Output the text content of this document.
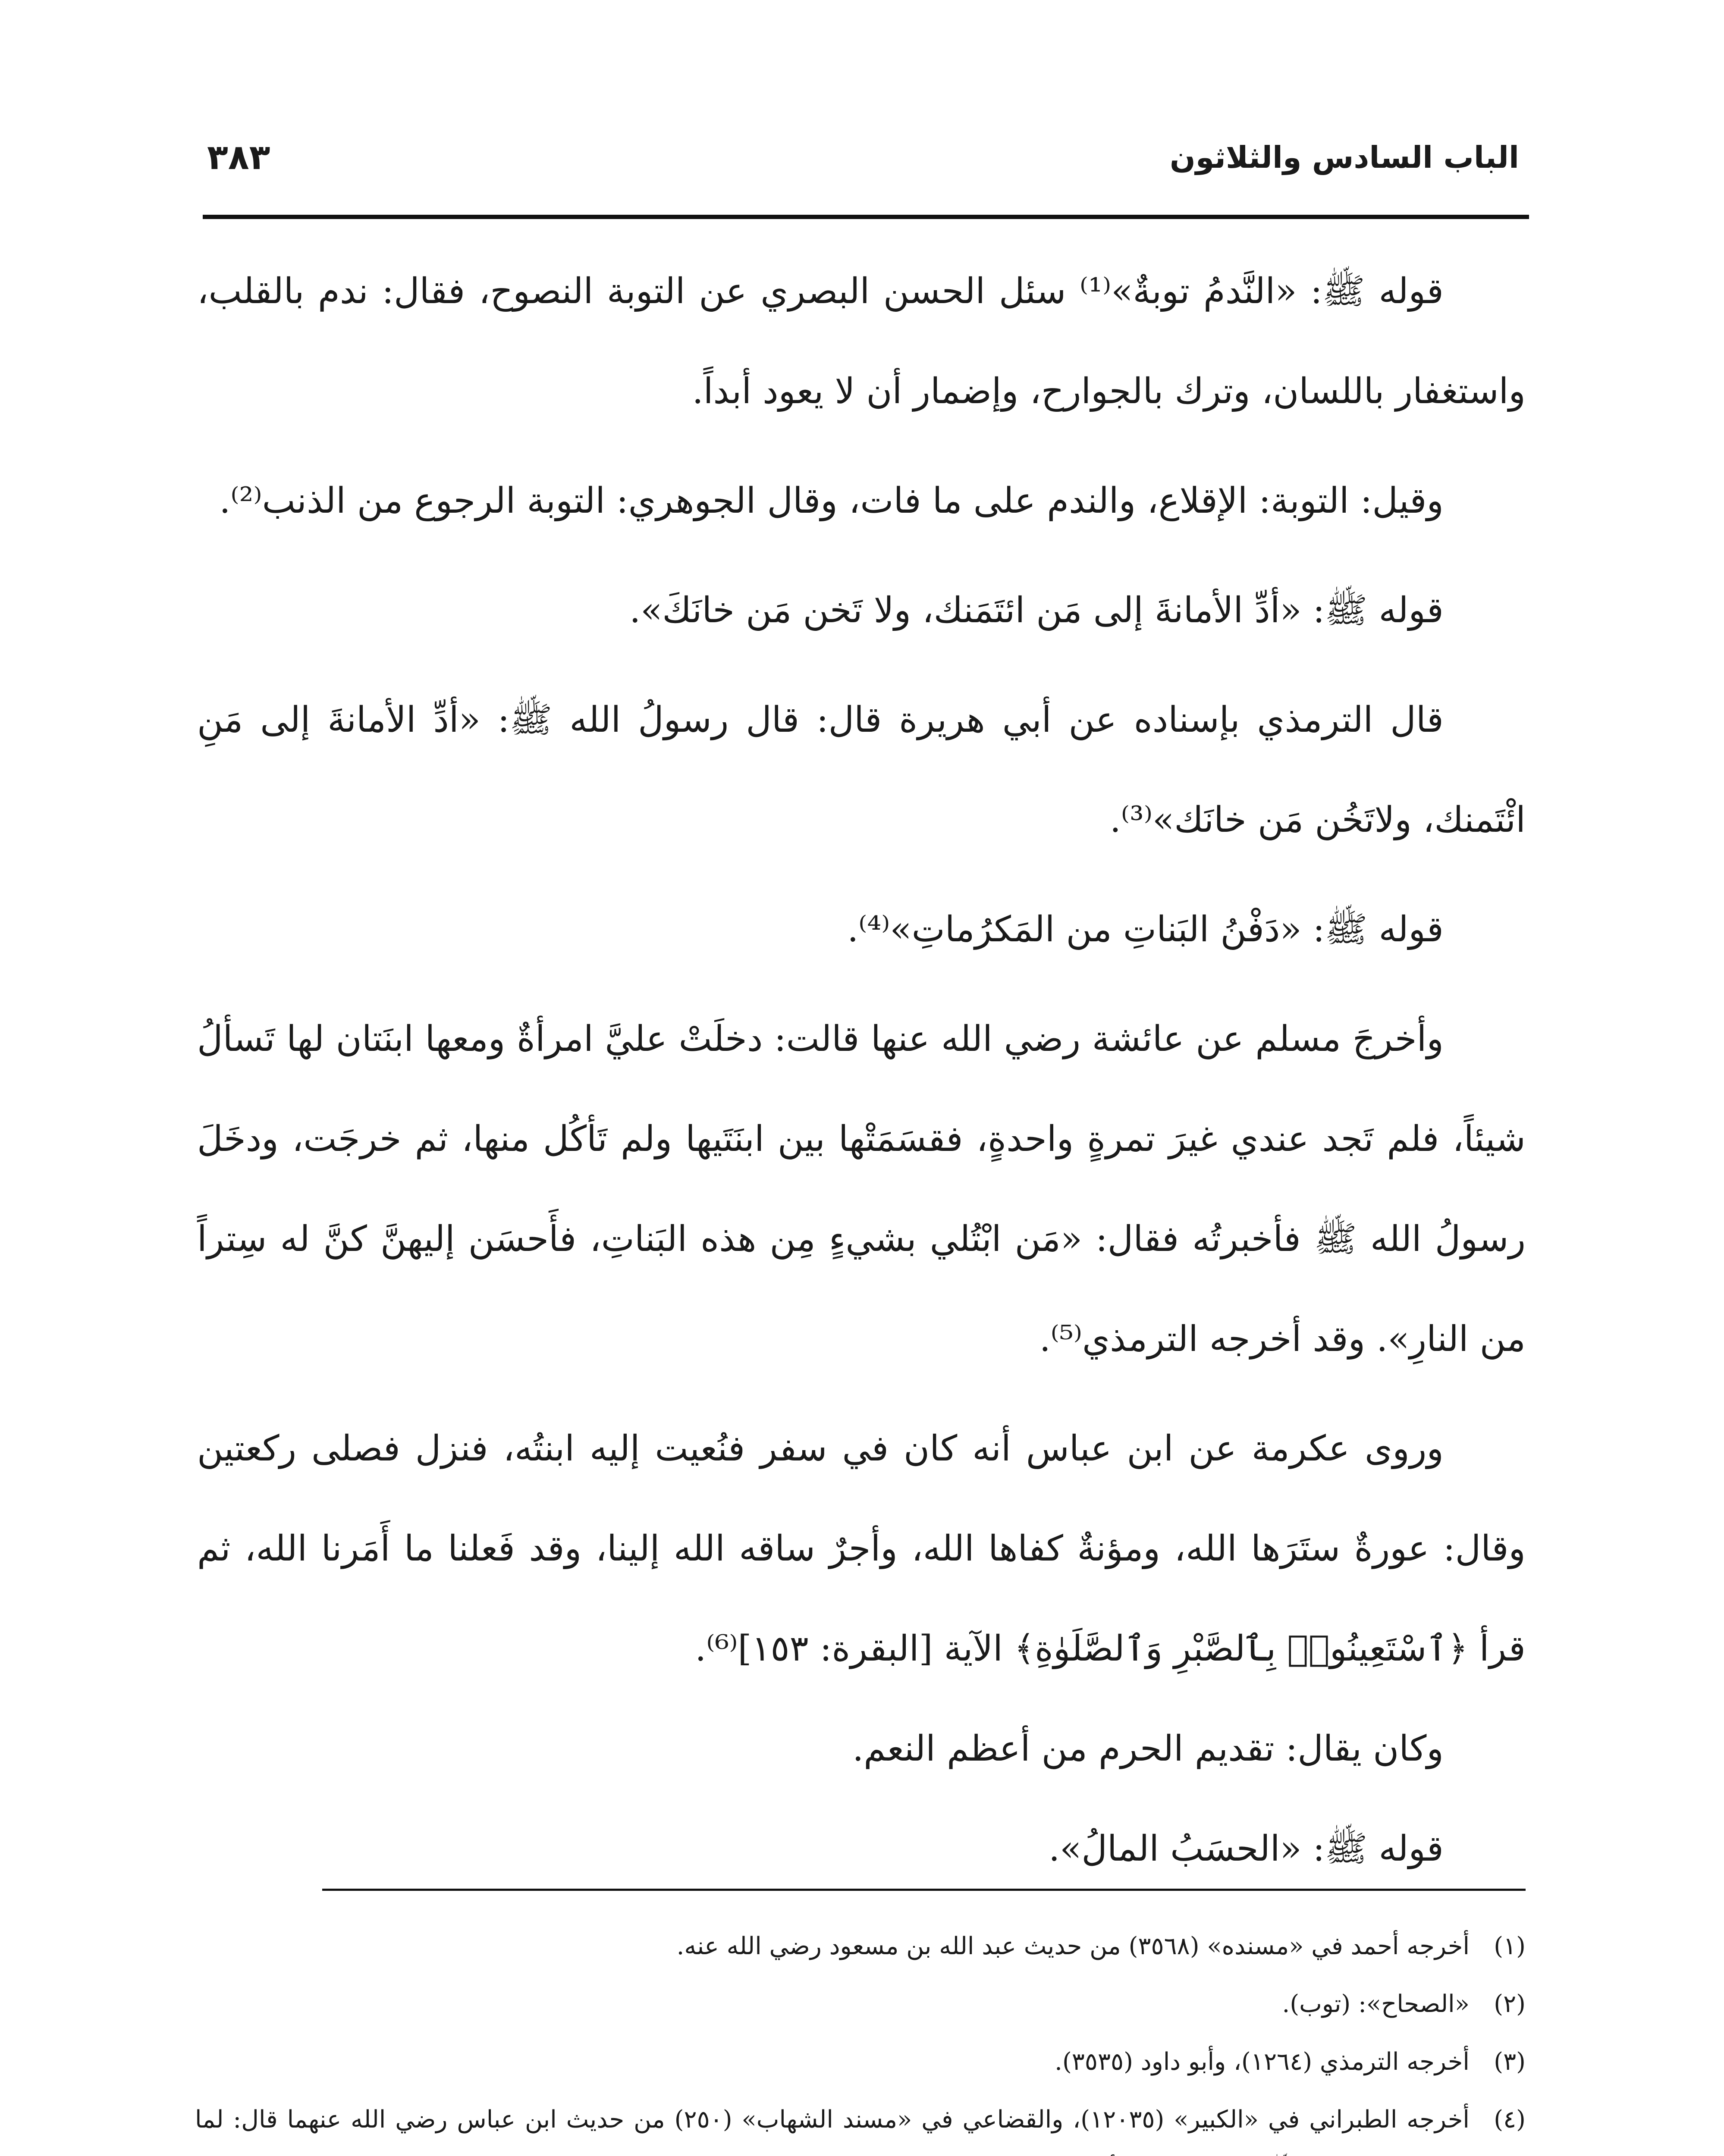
الباب السادس والثلاثون
٣٨٣

قوله ﷺ: «النَّدمُ توبةٌ»⁽¹⁾ سئل الحسن البصري عن التوبة النصوح، فقال: ندم بالقلب، واستغفار باللسان، وترك بالجوارح، وإضمار أن لا يعود أبداً.

وقيل: التوبة: الإقلاع، والندم على ما فات، وقال الجوهري: التوبة الرجوع من الذنب⁽²⁾.

قوله ﷺ: «أدِّ الأمانةَ إلى مَن ائتَمَنك، ولا تَخن مَن خانَكَ».

قال الترمذي بإسناده عن أبي هريرة قال: قال رسولُ الله ﷺ: «أدِّ الأمانةَ إلى مَنِ ائْتَمنك، ولاتَخُن مَن خانَك»⁽³⁾.

قوله ﷺ: «دَفْنُ البَناتِ من المَكرُماتِ»⁽⁴⁾.

وأخرجَ مسلم عن عائشة رضي الله عنها قالت: دخلَتْ عليَّ امرأةٌ ومعها ابنَتان لها تَسألُ شيئاً، فلم تَجد عندي غيرَ تمرةٍ واحدةٍ، فقسَمَتْها بين ابنَتَيها ولم تَأكُل منها، ثم خرجَت، ودخَلَ رسولُ الله ﷺ فأخبرتُه فقال: «مَن ابْتُلي بشيءٍ مِن هذه البَناتِ، فأَحسَن إليهنَّ كنَّ له سِتراً من النارِ». وقد أخرجه الترمذي⁽⁵⁾.

وروى عكرمة عن ابن عباس أنه كان في سفر فنُعيت إليه ابنتُه، فنزل فصلى ركعتين وقال: عورةٌ ستَرَها الله، ومؤنةٌ كفاها الله، وأجرٌ ساقه الله إلينا، وقد فَعلنا ما أَمَرنا الله، ثم قرأ ﴿ٱسْتَعِينُوا۟ بِٱلصَّبْرِ وَٱلصَّلَوٰةِ﴾ الآية [البقرة: ١٥٣]⁽⁶⁾.

وكان يقال: تقديم الحرم من أعظم النعم.

قوله ﷺ: «الحسَبُ المالُ».

(١)
أخرجه أحمد في «مسنده» (٣٥٦٨) من حديث عبد الله بن مسعود رضي الله عنه.

(٢)
«الصحاح»: (توب).

(٣)
أخرجه الترمذي (١٢٦٤)، وأبو داود (٣٥٣٥).

(٤)
أخرجه الطبراني في «الكبير» (١٢٠٣٥)، والقضاعي في «مسند الشهاب» (٢٥٠) من حديث ابن عباس رضي الله عنهما قال: لما
